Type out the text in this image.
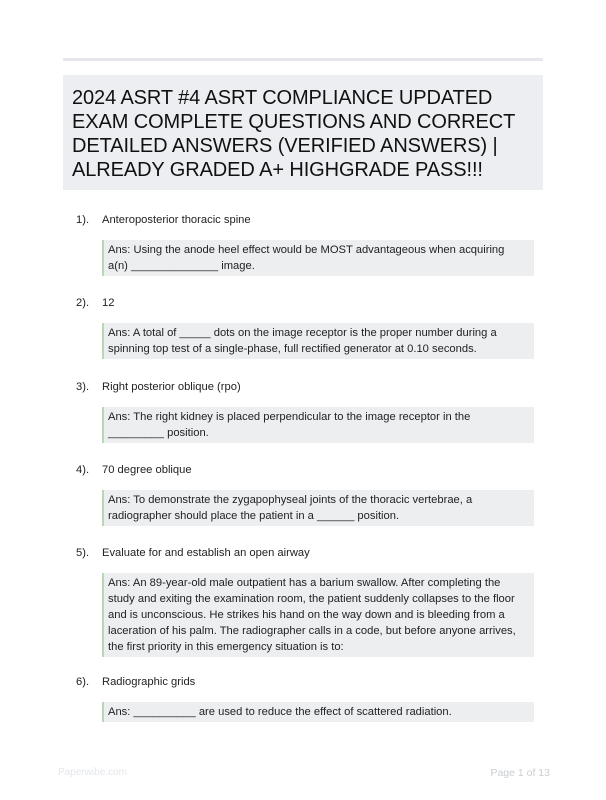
2024 ASRT #4 ASRT COMPLIANCE UPDATED EXAM COMPLETE QUESTIONS AND CORRECT DETAILED ANSWERS (VERIFIED ANSWERS) | ALREADY GRADED A+ HIGHGRADE PASS!!!
1). Anteroposterior thoracic spine
Ans: Using the anode heel effect would be MOST advantageous when acquiring a(n) ______________ image.
2). 12
Ans: A total of _____ dots on the image receptor is the proper number during a spinning top test of a single-phase, full rectified generator at 0.10 seconds.
3). Right posterior oblique (rpo)
Ans: The right kidney is placed perpendicular to the image receptor in the _________ position.
4). 70 degree oblique
Ans: To demonstrate the zygapophyseal joints of the thoracic vertebrae, a radiographer should place the patient in a ______ position.
5). Evaluate for and establish an open airway
Ans: An 89-year-old male outpatient has a barium swallow. After completing the study and exiting the examination room, the patient suddenly collapses to the floor and is unconscious. He strikes his hand on the way down and is bleeding from a laceration of his palm. The radiographer calls in a code, but before anyone arrives, the first priority in this emergency situation is to:
6). Radiographic grids
Ans: __________ are used to reduce the effect of scattered radiation.
Paperwibe.com	Page 1 of 13
